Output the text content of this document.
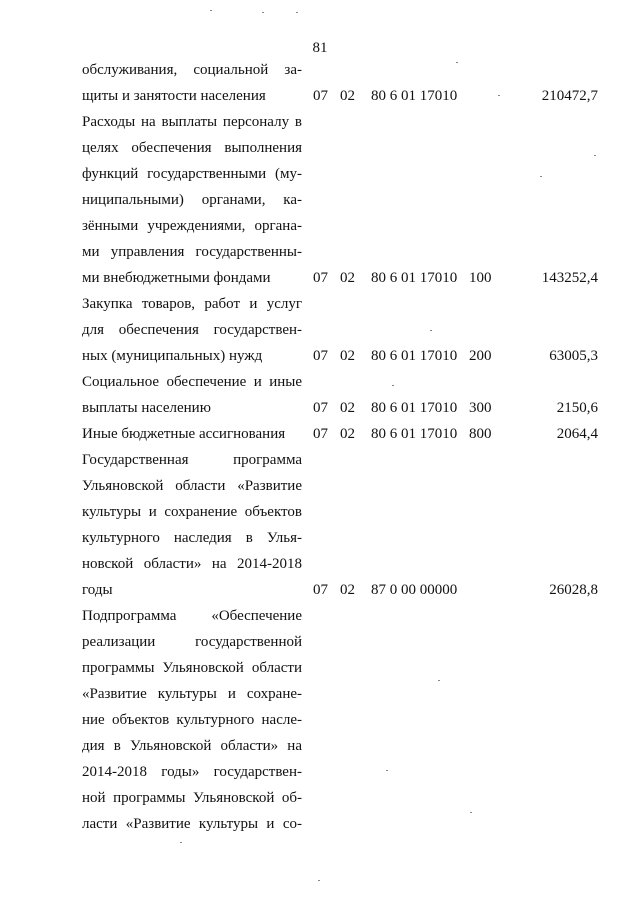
81
обслуживания, социальной за-
щиты и занятости населения	07 02 80 6 01 17010	210472,7
Расходы на выплаты персоналу в
целях обеспечения выполнения
функций государственными (му-
ниципальными) органами, ка-
зёнными учреждениями, органа-
ми управления государственны-
ми внебюджетными фондами	07 02 80 6 01 17010 100	143252,4
Закупка товаров, работ и услуг
для обеспечения государствен-
ных (муниципальных) нужд	07 02 80 6 01 17010 200	63005,3
Социальное обеспечение и иные
выплаты населению	07 02 80 6 01 17010 300	2150,6
Иные бюджетные ассигнования	07 02 80 6 01 17010 800	2064,4
Государственная программа
Ульяновской области «Развитие
культуры и сохранение объектов
культурного наследия в Улья-
новской области» на 2014-2018
годы	07 02 87 0 00 00000	26028,8
Подпрограмма «Обеспечение
реализации государственной
программы Ульяновской области
«Развитие культуры и сохране-
ние объектов культурного насле-
дия в Ульяновской области» на
2014-2018 годы» государствен-
ной программы Ульяновской об-
ласти «Развитие культуры и со-
